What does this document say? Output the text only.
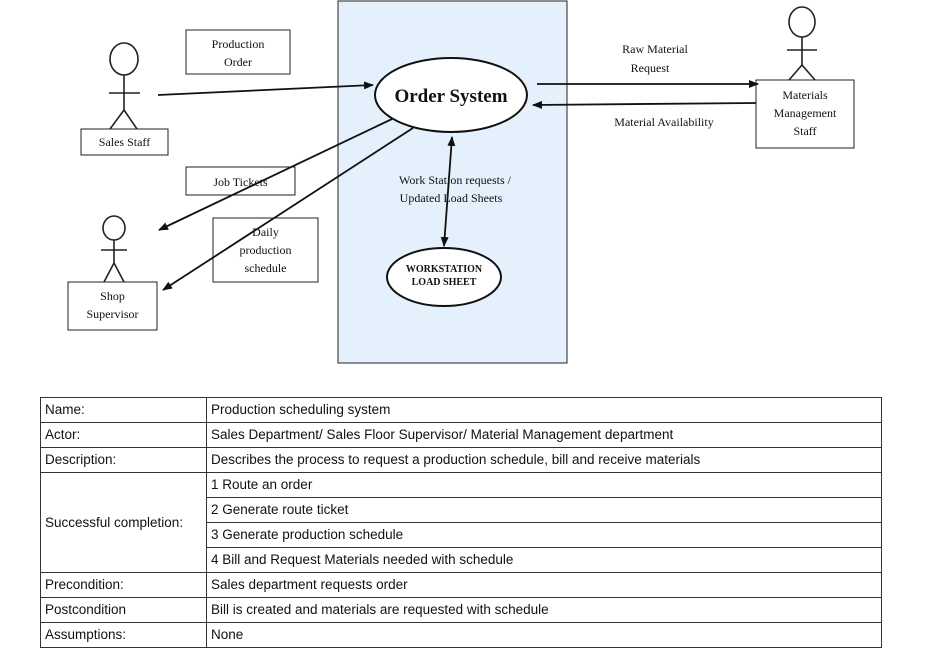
Sales Staff
Shop
Supervisor
Materials
Management
Staff
Production
Order
Job Tickets
Daily
production
schedule
Order System
WORKSTATION
LOAD SHEET
Work Station requests /
Updated Load Sheets
Raw Material
Request
Material Availability
Name:	Production scheduling system
Actor:	Sales Department/ Sales Floor Supervisor/ Material Management department
Description:	Describes the process to request a production schedule, bill and receive materials
Successful completion:	1 Route an order
	2 Generate route ticket
	3 Generate production schedule
	4 Bill and Request Materials needed with schedule
Precondition:	Sales department requests order
Postcondition	Bill is created and materials are requested with schedule
Assumptions:	None
